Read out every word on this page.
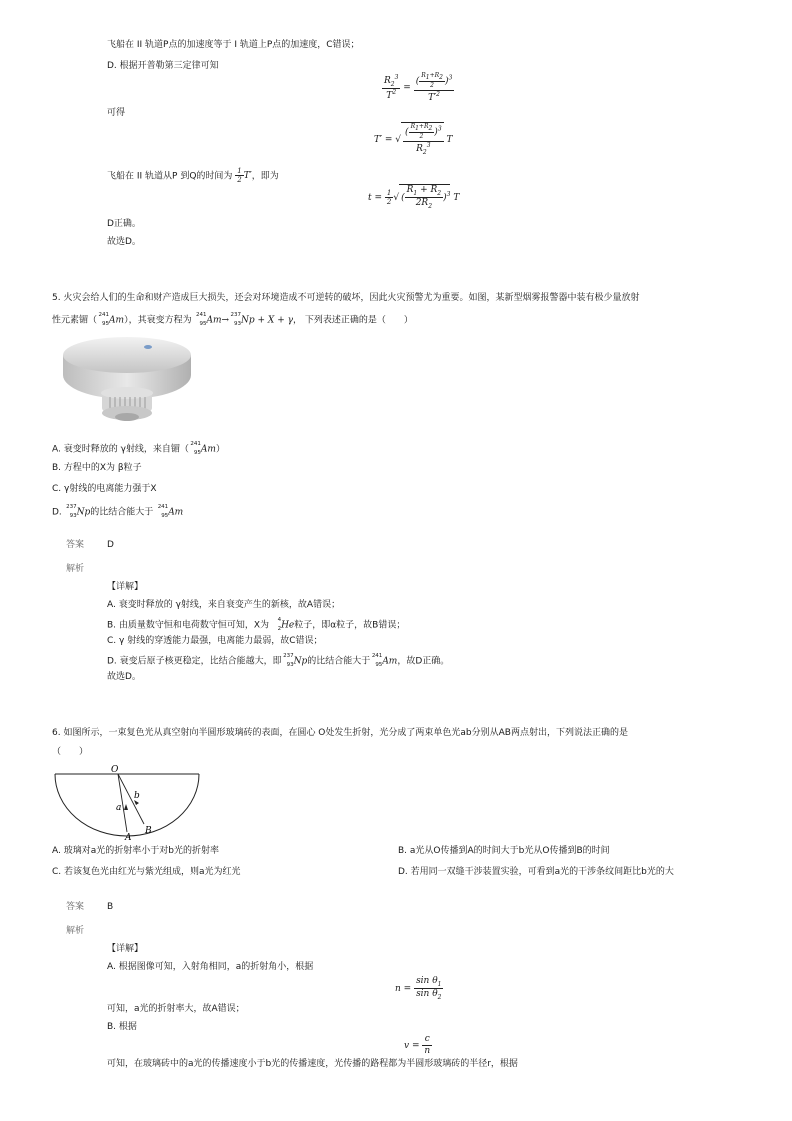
飞船在 II 轨道P点的加速度等于 I 轨道上P点的加速度，C错误；
D. 根据开普勒第三定律可知
$\frac{R_2^3}{T^2} = \frac{( \frac{R1+R2}{2} )^3}{T'^2}$
可得
T′ = √ $\frac{( \frac{R1+R2}{2} )^3}{R_2^3}$ T
飞船在 II 轨道从P 到Q的时间为 $\frac{1}{2} T'$，即为
$t = \frac{1}{2}$ √ ( $\frac{R_1 + R_2}{2R_2} )^3$ T
D正确。
故选D。
5. 火灾会给人们的生命和财产造成巨大损失，还会对环境造成不可逆转的破坏，因此火灾预警尤为重要。如图，某新型烟雾报警器中装有极少量放射
性元素镅（
241
95 Am），其衰变方程为
241
95 Am→
237
93 Np + X + γ， 下列表述正确的是（　　）
A. 衰变时释放的 γ射线，来自镅（
241
95 Am）
B. 方程中的X为 β粒子
C. γ射线的电离能力强于X
D.
237
93 Np的比结合能大于
241
95 Am
答案	D
解析
【详解】
A. 衰变时释放的 γ射线，来自衰变产生的新核，故A错误；
B. 由质量数守恒和电荷数守恒可知，X为
4
2 He粒子，即α粒子，故B错误；
C. γ 射线的穿透能力最强，电离能力最弱，故C错误；
D. 衰变后原子核更稳定，比结合能越大，即
237
93 Np的比结合能大于
241
95 Am，故D正确。
故选D。
6. 如图所示，一束复色光从真空射向半圆形玻璃砖的表面，在圆心 O处发生折射，光分成了两束单色光ab分别从AB两点射出，下列说法正确的是
（　　）
O
a
b
A
B
A. 玻璃对a光的折射率小于对b光的折射率	B. a光从O传播到A的时间大于b光从O传播到B的时间
C. 若该复色光由红光与紫光组成，则a光为红光	D. 若用同一双缝干涉装置实验，可看到a光的干涉条纹间距比b光的大
答案	B
解析
【详解】
A. 根据图像可知，入射角相同，a的折射角小，根据
$n = \frac{\sin \theta_1}{\sin \theta_2}$
可知，a光的折射率大，故A错误；
B. 根据
$v = \frac{c}{n}$
可知，在玻璃砖中的a光的传播速度小于b光的传播速度，光传播的路程都为半圆形玻璃砖的半径r，根据
